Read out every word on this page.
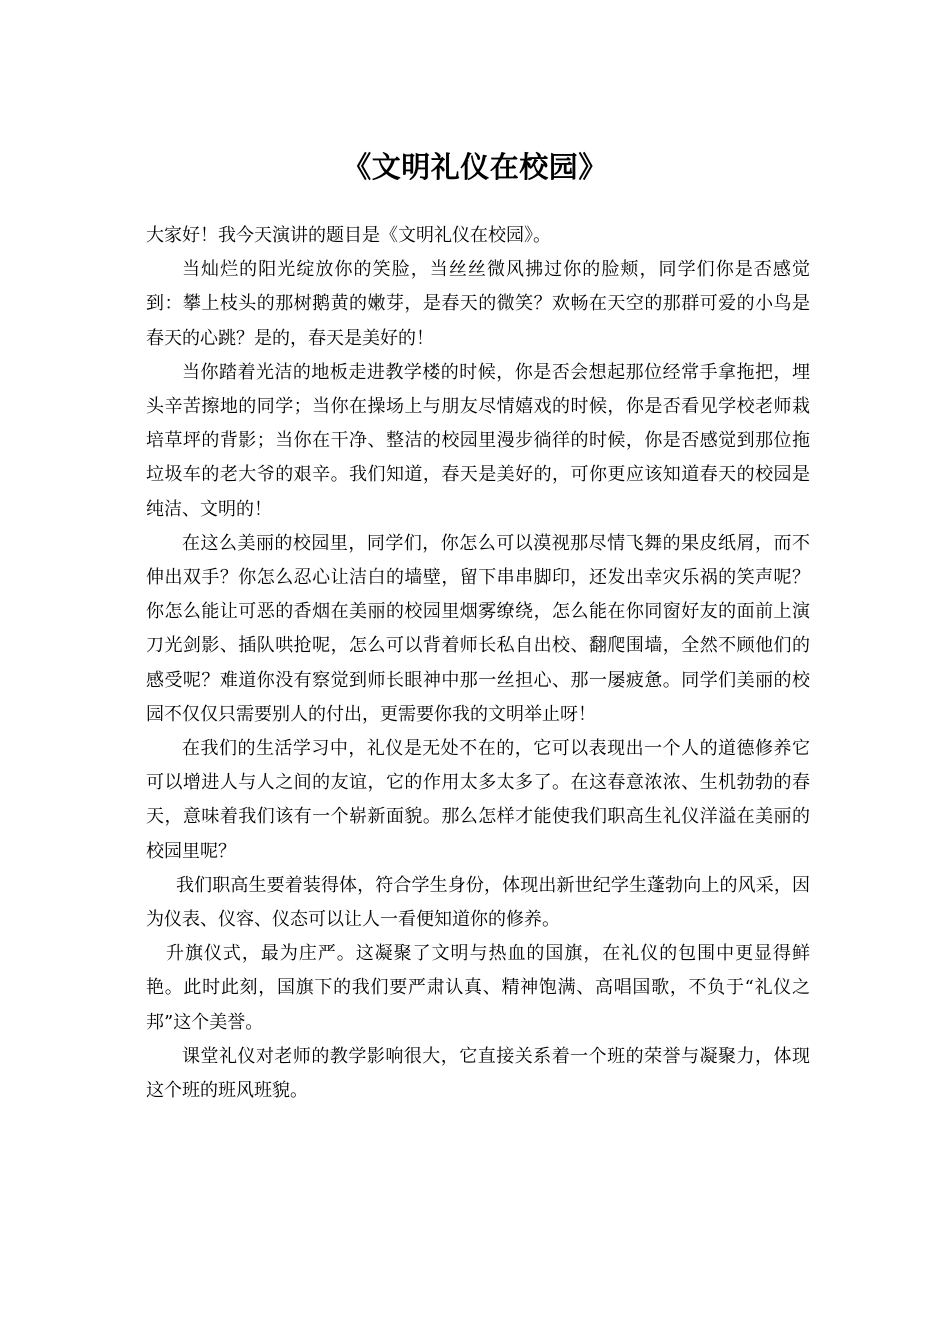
《文明礼仪在校园》

大家好！我今天演讲的题目是《文明礼仪在校园》。

当灿烂的阳光绽放你的笑脸，当丝丝微风拂过你的脸颊，同学们你是否感觉到：攀上枝头的那树鹅黄的嫩芽，是春天的微笑？欢畅在天空的那群可爱的小鸟是春天的心跳？是的，春天是美好的！

当你踏着光洁的地板走进教学楼的时候，你是否会想起那位经常手拿拖把，埋头辛苦擦地的同学；当你在操场上与朋友尽情嬉戏的时候，你是否看见学校老师栽培草坪的背影；当你在干净、整洁的校园里漫步徜徉的时候，你是否感觉到那位拖垃圾车的老大爷的艰辛。我们知道，春天是美好的，可你更应该知道春天的校园是纯洁、文明的！

在这么美丽的校园里，同学们，你怎么可以漠视那尽情飞舞的果皮纸屑，而不伸出双手？你怎么忍心让洁白的墙壁，留下串串脚印，还发出幸灾乐祸的笑声呢？你怎么能让可恶的香烟在美丽的校园里烟雾缭绕，怎么能在你同窗好友的面前上演刀光剑影、插队哄抢呢，怎么可以背着师长私自出校、翻爬围墙，全然不顾他们的感受呢？难道你没有察觉到师长眼神中那一丝担心、那一屡疲惫。同学们美丽的校园不仅仅只需要别人的付出，更需要你我的文明举止呀！

在我们的生活学习中，礼仪是无处不在的，它可以表现出一个人的道德修养它可以增进人与人之间的友谊，它的作用太多太多了。在这春意浓浓、生机勃勃的春天，意味着我们该有一个崭新面貌。那么怎样才能使我们职高生礼仪洋溢在美丽的校园里呢？

我们职高生要着装得体，符合学生身份，体现出新世纪学生蓬勃向上的风采，因为仪表、仪容、仪态可以让人一看便知道你的修养。

升旗仪式，最为庄严。这凝聚了文明与热血的国旗，在礼仪的包围中更显得鲜艳。此时此刻，国旗下的我们要严肃认真、精神饱满、高唱国歌，不负于“礼仪之邦”这个美誉。

课堂礼仪对老师的教学影响很大，它直接关系着一个班的荣誉与凝聚力，体现这个班的班风班貌。
